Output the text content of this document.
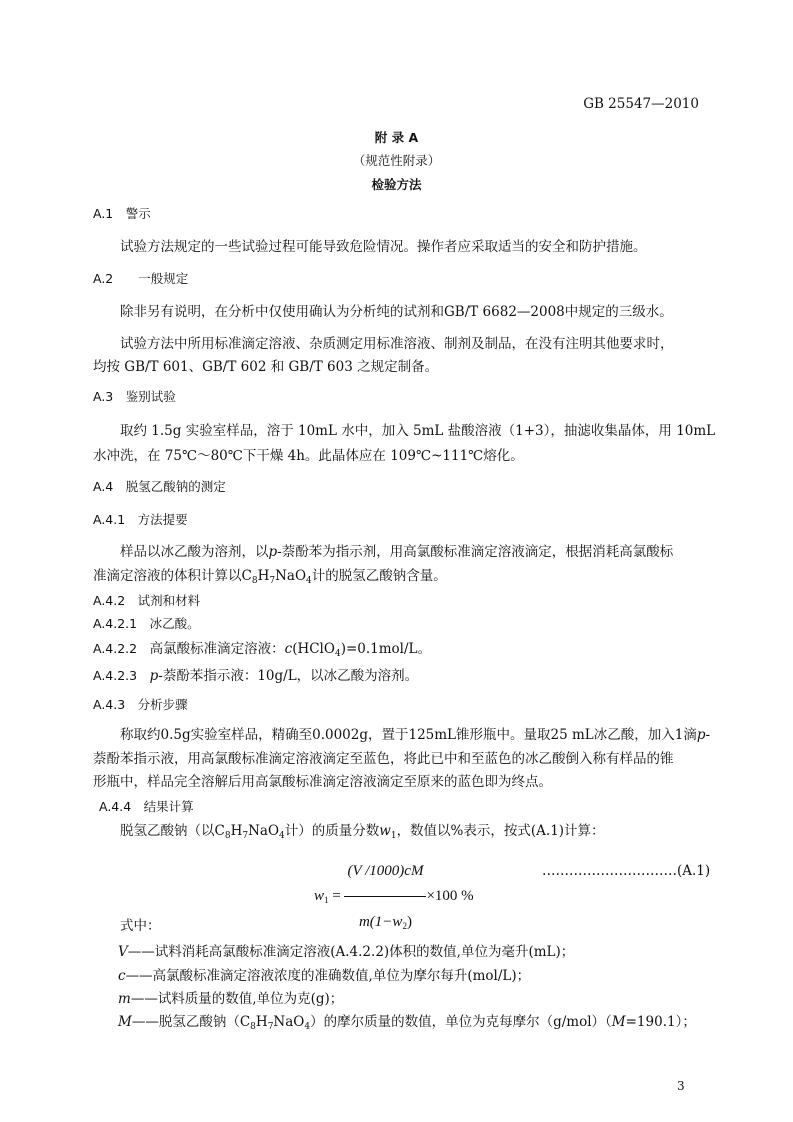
GB 25547—2010
附 录 A
（规范性附录）
检验方法
A.1　警示
试验方法规定的一些试验过程可能导致危险情况。操作者应采取适当的安全和防护措施。
A.2　　一般规定
除非另有说明，在分析中仅使用确认为分析纯的试剂和GB/T 6682—2008中规定的三级水。
试验方法中所用标准滴定溶液、杂质测定用标准溶液、制剂及制品，在没有注明其他要求时，
均按 GB/T 601、GB/T 602 和 GB/T 603 之规定制备。
A.3　鉴别试验
取约 1.5g 实验室样品，溶于 10mL 水中，加入 5mL 盐酸溶液（1+3），抽滤收集晶体，用 10mL
水冲洗，在 75℃～80℃下干燥 4h。此晶体应在 109℃~111℃熔化。
A.4　脱氢乙酸钠的测定
A.4.1　方法提要
样品以冰乙酸为溶剂，以p-萘酚苯为指示剂，用高氯酸标准滴定溶液滴定，根据消耗高氯酸标
准滴定溶液的体积计算以$C_8H_7NaO_4$计的脱氢乙酸钠含量。
A.4.2　试剂和材料
A.4.2.1　冰乙酸。
A.4.2.2　高氯酸标准滴定溶液：c(HClO$_4$)=0.1mol/L。
A.4.2.3　p-萘酚苯指示液：10g/L，以冰乙酸为溶剂。
A.4.3　分析步骤
称取约0.5g实验室样品，精确至0.0002g，置于125mL锥形瓶中。量取25 mL冰乙酸，加入1滴p-
萘酚苯指示液，用高氯酸标准滴定溶液滴定至蓝色，将此已中和至蓝色的冰乙酸倒入称有样品的锥
形瓶中，样品完全溶解后用高氯酸标准滴定溶液滴定至原来的蓝色即为终点。
A.4.4　结果计算
脱氢乙酸钠（以$C_8H_7NaO_4$计）的质量分数$w_1$，数值以%表示，按式(A.1)计算：
$w_1 = \frac{(V /1000)cM}{m(1-w_2)} \times 100$ %
…………………………(A.1)
式中：
V——试料消耗高氯酸标准滴定溶液(A.4.2.2)体积的数值,单位为毫升(mL)；
c——高氯酸标准滴定溶液浓度的准确数值,单位为摩尔每升(mol/L)；
m——试料质量的数值,单位为克(g)；
M——脱氢乙酸钠$(C_8H_7NaO_4)$的摩尔质量的数值，单位为克每摩尔（g/mol）（M=190.1）；
3
